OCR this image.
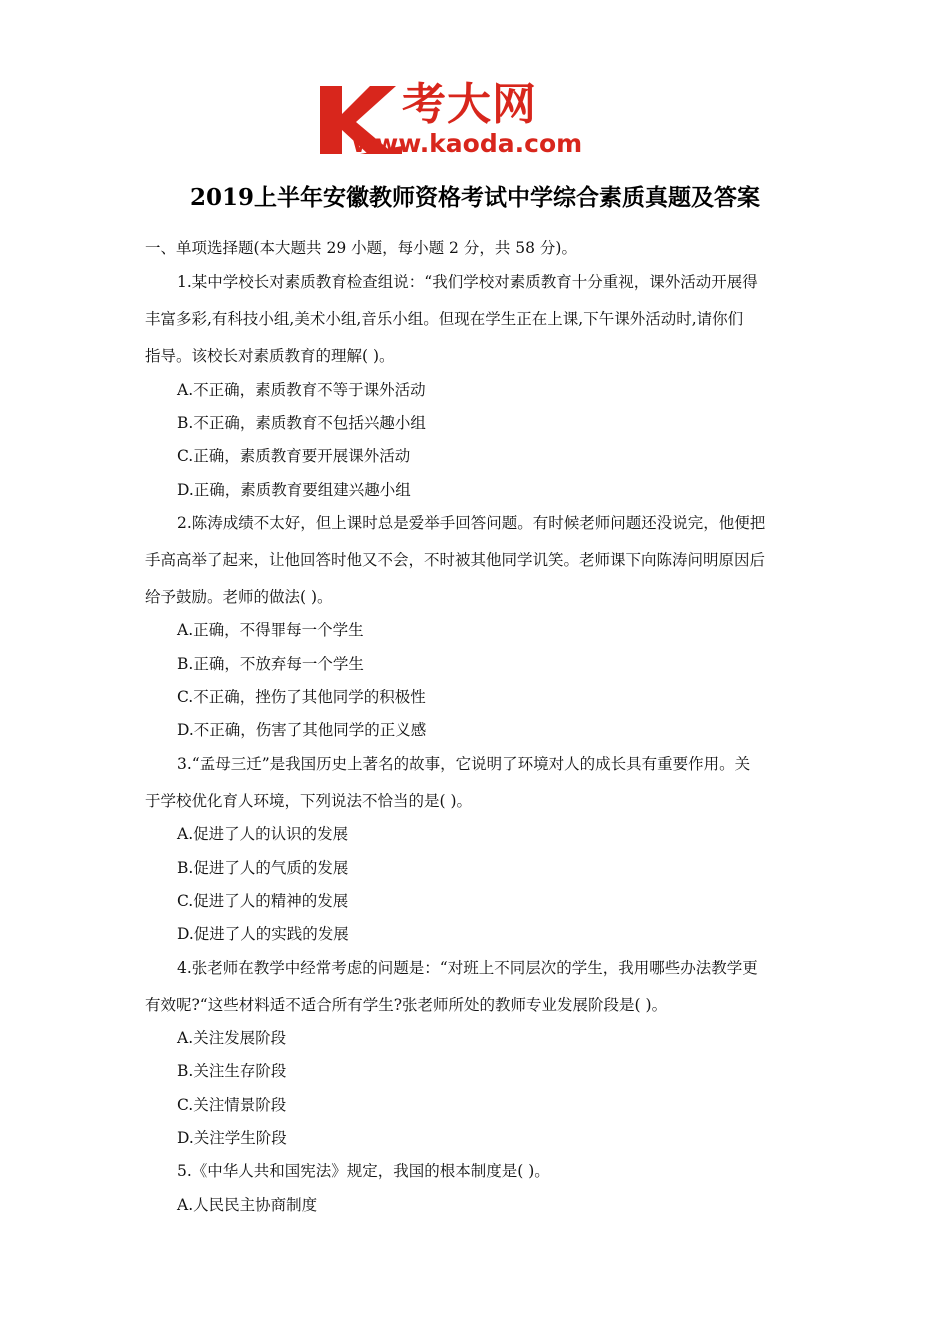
考大网
www.kaoda.com
2019上半年安徽教师资格考试中学综合素质真题及答案
一、单项选择题(本大题共 29 小题，每小题 2 分，共 58 分)。
1.某中学校长对素质教育检查组说：“我们学校对素质教育十分重视，课外活动开展得
丰富多彩,有科技小组,美术小组,音乐小组。但现在学生正在上课,下午课外活动时,请你们
指导。该校长对素质教育的理解( )。
A.不正确，素质教育不等于课外活动
B.不正确，素质教育不包括兴趣小组
C.正确，素质教育要开展课外活动
D.正确，素质教育要组建兴趣小组
2.陈涛成绩不太好，但上课时总是爱举手回答问题。有时候老师问题还没说完，他便把
手高高举了起来，让他回答时他又不会，不时被其他同学讥笑。老师课下向陈涛问明原因后
给予鼓励。老师的做法( )。
A.正确，不得罪每一个学生
B.正确，不放弃每一个学生
C.不正确，挫伤了其他同学的积极性
D.不正确，伤害了其他同学的正义感
3.“孟母三迁”是我国历史上著名的故事，它说明了环境对人的成长具有重要作用。关
于学校优化育人环境，下列说法不恰当的是( )。
A.促进了人的认识的发展
B.促进了人的气质的发展
C.促进了人的精神的发展
D.促进了人的实践的发展
4.张老师在教学中经常考虑的问题是：“对班上不同层次的学生，我用哪些办法教学更
有效呢?“这些材料适不适合所有学生?张老师所处的教师专业发展阶段是( )。
A.关注发展阶段
B.关注生存阶段
C.关注情景阶段
D.关注学生阶段
5.《中华人共和国宪法》规定，我国的根本制度是( )。
A.人民民主协商制度
